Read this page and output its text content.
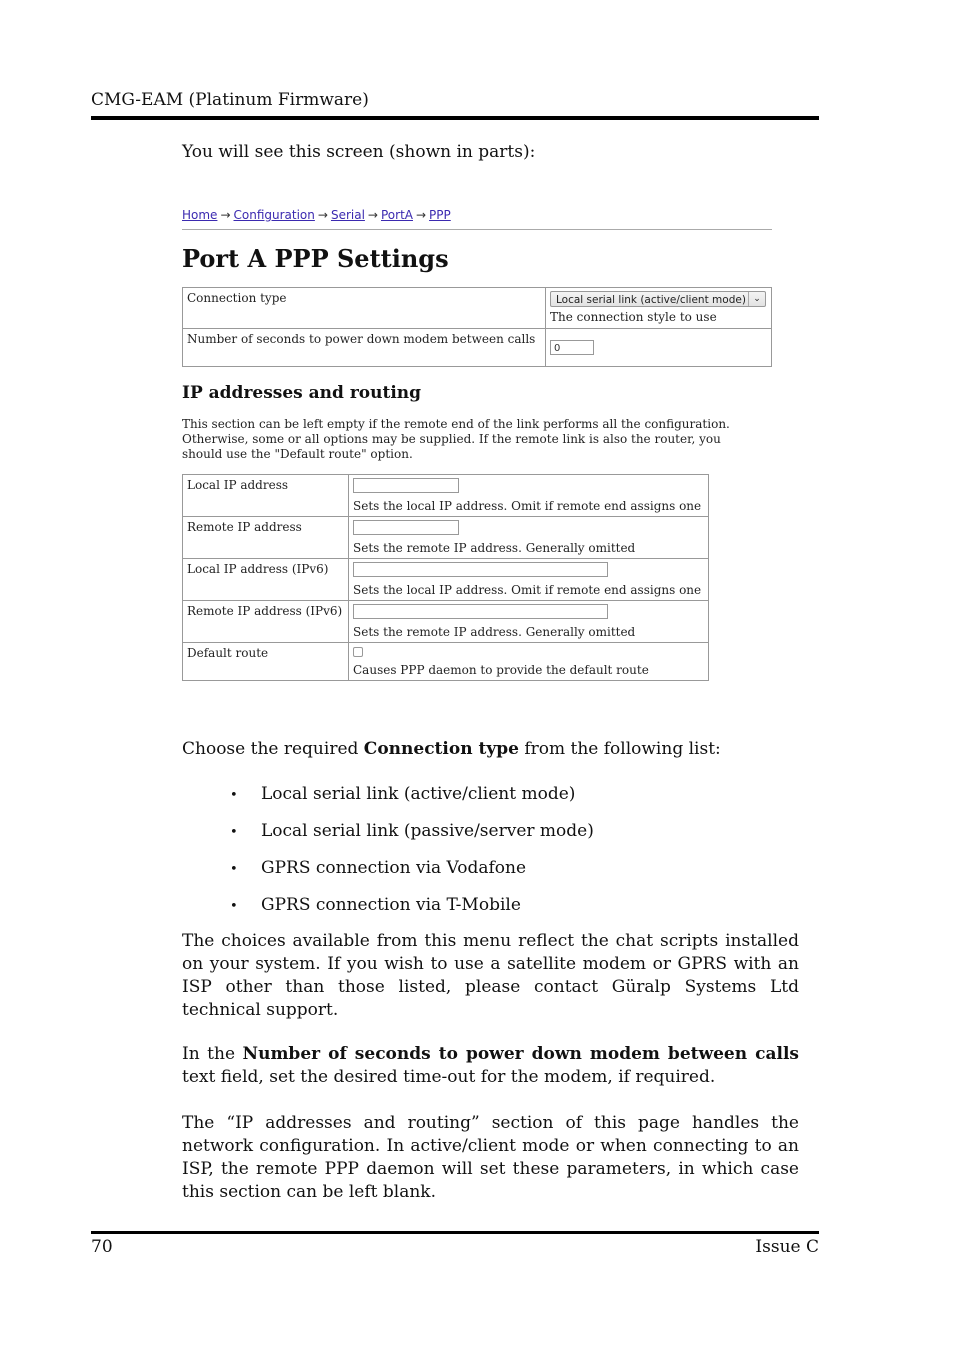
CMG-EAM (Platinum Firmware)
You will see this screen (shown in parts):
Home → Configuration → Serial → PortA → PPP
Port A PPP Settings
Connection type	Local serial link (active/client mode) ⌄
The connection style to use

Number of seconds to power down modem between calls	0
IP addresses and routing
This section can be left empty if the remote end of the link performs all the configuration. Otherwise, some or all options may be supplied. If the remote link is also the router, you should use the "Default route" option.
Local IP address	Sets the local IP address. Omit if remote end assigns one

Remote IP address	Sets the remote IP address. Generally omitted

Local IP address (IPv6)	Sets the local IP address. Omit if remote end assigns one

Remote IP address (IPv6)	Sets the remote IP address. Generally omitted

Default route	Causes PPP daemon to provide the default route
Choose the required Connection type from the following list:
• Local serial link (active/client mode)
• Local serial link (passive/server mode)
• GPRS connection via Vodafone
• GPRS connection via T-Mobile
The choices available from this menu reflect the chat scripts installed on your system. If you wish to use a satellite modem or GPRS with an ISP other than those listed, please contact Güralp Systems Ltd technical support.
In the Number of seconds to power down modem between calls text field, set the desired time-out for the modem, if required.
The “IP addresses and routing” section of this page handles the network configuration. In active/client mode or when connecting to an ISP, the remote PPP daemon will set these parameters, in which case this section can be left blank.
70	Issue C
